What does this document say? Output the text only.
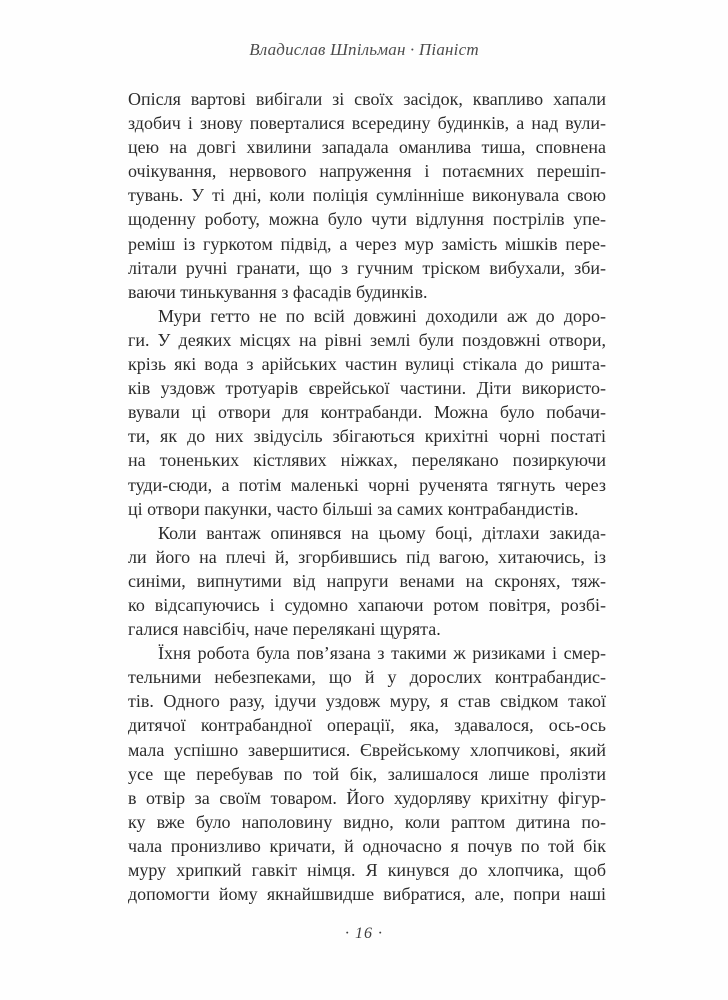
Владислав Шпільман · Піаніст
Опісля вартові вибігали зі своїх засідок, квапливо хапали
здобич і знову поверталися всередину будинків, а над вули-
цею на довгі хвилини западала оманлива тиша, сповнена
очікування, нервового напруження і потаємних перешіп-
тувань. У ті дні, коли поліція сумлінніше виконувала свою
щоденну роботу, можна було чути відлуння пострілів упе-
реміш із гуркотом підвід, а через мур замість мішків пере-
літали ручні гранати, що з гучним тріском вибухали, зби-
ваючи тинькування з фасадів будинків.
Мури гетто не по всій довжині доходили аж до доро-
ги. У деяких місцях на рівні землі були поздовжні отвори,
крізь які вода з арійських частин вулиці стікала до ришта-
ків уздовж тротуарів єврейської частини. Діти використо-
вували ці отвори для контрабанди. Можна було побачи-
ти, як до них звідусіль збігаються крихітні чорні постаті
на тоненьких кістлявих ніжках, перелякано позиркуючи
туди-сюди, а потім маленькі чорні рученята тягнуть через
ці отвори пакунки, часто більші за самих контрабандистів.
Коли вантаж опинявся на цьому боці, дітлахи закида-
ли його на плечі й, згорбившись під вагою, хитаючись, із
синіми, випнутими від напруги венами на скронях, тяж-
ко відсапуючись і судомно хапаючи ротом повітря, розбі-
галися навсібіч, наче перелякані щурята.
Їхня робота була пов’язана з такими ж ризиками і смер-
тельними небезпеками, що й у дорослих контрабандис-
тів. Одного разу, ідучи уздовж муру, я став свідком такої
дитячої контрабандної операції, яка, здавалося, ось-ось
мала успішно завершитися. Єврейському хлопчикові, який
усе ще перебував по той бік, залишалося лише пролізти
в отвір за своїм товаром. Його худорляву крихітну фігур-
ку вже було наполовину видно, коли раптом дитина по-
чала пронизливо кричати, й одночасно я почув по той бік
муру хрипкий гавкіт німця. Я кинувся до хлопчика, щоб
допомогти йому якнайшвидше вибратися, але, попри наші
· 16 ·
